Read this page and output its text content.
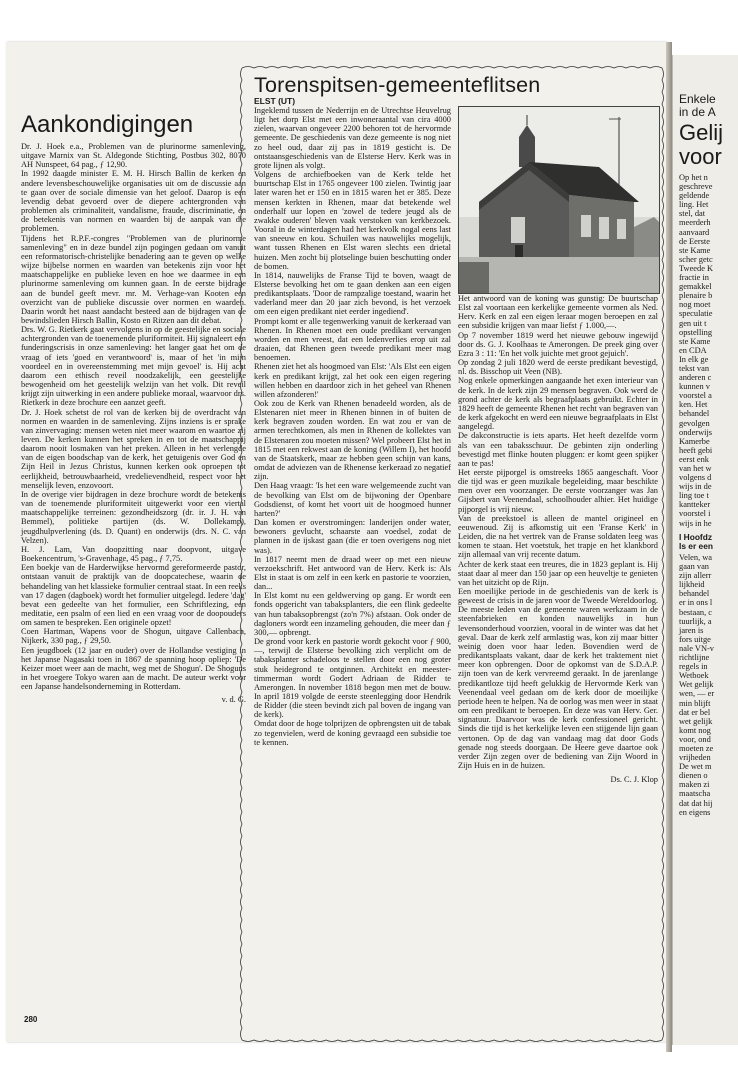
Aankondigingen

Dr. J. Hoek e.a., Problemen van de plurinorme samenleving, uitgave Marnix van St. Aldegonde Stichting, Postbus 302, 8070 AH Nunspeet, 64 pag., ƒ 12,90.

In 1992 daagde minister E. M. H. Hirsch Ballin de kerken en andere levensbeschouwelijke organisaties uit om de discussie aan te gaan over de sociale dimensie van het geloof. Daarop is een levendig debat gevoerd over de diepere achtergronden van problemen als criminaliteit, vandalisme, fraude, discriminatie, en de betekenis van normen en waarden bij de aanpak van die problemen.

Tijdens het R.P.F.-congres "Problemen van de plurinorme samenleving" en in deze bundel zijn pogingen gedaan om vanuit een reformatorisch-christelijke benadering aan te geven op welke wijze bijbelse normen en waarden van betekenis zijn voor het maatschappelijke en publieke leven en hoe we daarmee in een plurinorme samenleving om kunnen gaan. In de eerste bijdrage aan de bundel geeft mevr. mr. M. Verhage-van Kooten een overzicht van de publieke discussie over normen en waarden. Daarin wordt het naast aandacht besteed aan de bijdragen van de bewindslieden Hirsch Ballin, Kosto en Ritzen aan dit debat.

Drs. W. G. Rietkerk gaat vervolgens in op de geestelijke en sociale achtergronden van de toenemende pluriformiteit. Hij signaleert een funderingscrisis in onze samenleving: het langer gaat het om de vraag of iets 'goed en verantwoord' is, maar of het 'in mijn voordeel en in overeenstemming met mijn gevoel' is. Hij acht daarom een ethisch reveil noodzakelijk, een geestelijke bewogenheid om het geestelijk welzijn van het volk. Dit reveil krijgt zijn uitwerking in een andere publieke moraal, waarvoor drs. Rietkerk in deze brochure een aanzet geeft.

Dr. J. Hoek schetst de rol van de kerken bij de overdracht van normen en waarden in de samenleving. Zijns inziens is er sprake van zinvervaging: mensen weten niet meer waarom en waartoe zij leven. De kerken kunnen het spreken in en tot de maatschappij daarom nooit losmaken van het preken. Alleen in het verlengde van de eigen boodschap van de kerk, het getuigenis over God en Zijn Heil in Jezus Christus, kunnen kerken ook oproepen tot eerlijkheid, betrouwbaarheid, vredelievendheid, respect voor het menselijk leven, enzovoort.

In de overige vier bijdragen in deze brochure wordt de betekenis van de toenemende pluriformiteit uitgewerkt voor een viertal maatschappelijke terreinen: gezondheidszorg (dr. ir. J. H. van Bemmel), politieke partijen (ds. W. Dollekamp), jeugdhulpverlening (ds. D. Quant) en onderwijs (drs. N. C. van Velzen).

H. J. Lam, Van doopzitting naar doopvont, uitgave Boekencentrum, 's-Gravenhage, 45 pag., ƒ 7,75.

Een boekje van de Harderwijkse hervormd gereformeerde pastor, ontstaan vanuit de praktijk van de doopcatechese, waarin de behandeling van het klassieke formulier centraal staat. In een reeks van 17 dagen (dagboek) wordt het formulier uitgelegd. Iedere 'dag' bevat een gedeelte van het formulier, een Schriftlezing, een meditatie, een psalm of een lied en een vraag voor de doopouders om samen te bespreken. Een originele opzet!

Coen Hartman, Wapens voor de Shogun, uitgave Callenbach, Nijkerk, 330 pag., ƒ 29,50.

Een jeugdboek (12 jaar en ouder) over de Hollandse vestiging in het Japanse Nagasaki toen in 1867 de spanning hoop opliep: 'De Keizer moet weer aan de macht, weg met de Shogun'. De Shoguns in het vroegere Tokyo waren aan de macht. De auteur werkt voor een Japanse handelsonderneming in Rotterdam.

v. d. G.

Torenspitsen-gemeenteflitsen
ELST (UT)

Ingeklemd tussen de Nederrijn en de Utrechtse Heuvelrug ligt het dorp Elst met een inwoneraantal van cira 4000 zielen, waarvan ongeveer 2200 behoren tot de hervormde gemeente. De geschiedenis van deze gemeente is nog niet zo heel oud, daar zij pas in 1819 gesticht is. De ontstaansgeschiedenis van de Elsterse Herv. Kerk was in grote lijnen als volgt.

Volgens de archiefboeken van de Kerk telde het buurtschap Elst in 1765 ongeveer 100 zielen. Twintig jaar later waren het er 150 en in 1815 waren het er 385. Deze mensen kerkten in Rhenen, maar dat betekende wel onderhalf uur lopen en 'zowel de tedere jeugd als de zwakke ouderen' bleven vaak verstoken van kerkbezoek. Vooral in de winterdagen had het kerkvolk nogal eens last van sneeuw en kou. Schuilen was nauwelijks mogelijk, want tussen Rhenen en Elst waren slechts een drietal huizen. Men zocht bij plotselinge buien beschutting onder de bomen.

In 1814, nauwelijks de Franse Tijd te boven, waagt de Elsterse bevolking het om te gaan denken aan een eigen predikantsplaats. 'Door de rampzalige toestand, waarin het vaderland meer dan 20 jaar zich bevond, is het verzoek om een eigen predikant niet eerder ingediend'.

Prompt komt er alle tegenwerking vanuit de kerkeraad van Rhenen. In Rhenen moet een oude predikant vervangen worden en men vreest, dat een ledenverlies erop uit zal draaien, dat Rhenen geen tweede predikant meer mag benoemen.

Rhenen ziet het als hoogmoed van Elst: 'Als Elst een eigen kerk en predikant krijgt, zal het ook een eigen regering willen hebben en daardoor zich in het geheel van Rhenen willen afzonderen!'

Ook zou de Kerk van Rhenen benadeeld worden, als de Elstenaren niet meer in Rhenen binnen in of buiten de kerk begraven zouden worden. En wat zou er van de armen terechtkomen, als men in Rhenen de kollektes van de Elstenaren zou moeten missen? Wel probeert Elst het in 1815 met een rekwest aan de koning (Willem I), het hoofd van de Staatskerk, maar ze hebben geen schijn van kans, omdat de adviezen van de Rhenense kerkeraad zo negatief zijn.

Den Haag vraagt: 'Is het een ware welgemeende zucht van de bevolking van Elst om de bijwoning der Openbare Godsdienst, of komt het voort uit de hoogmoed hunner harten?'

Dan komen er overstromingen: landerijen onder water, bewoners gevlucht, schaarste aan voedsel, zodat de plannen in de ijskast gaan (die er toen overigens nog niet was).

In 1817 neemt men de draad weer op met een nieuw verzoekschrift. Het antwoord van de Herv. Kerk is: Als Elst in staat is om zelf in een kerk en pastorie te voorzien, dan...

In Elst komt nu een geldwerving op gang. Er wordt een fonds opgericht van tabaksplanters, die een flink gedeelte van hun tabaksopbrengst (zo'n 7%) afstaan. Ook onder de dagloners wordt een inzameling gehouden, die meer dan ƒ 300,— opbrengt.

De grond voor kerk en pastorie wordt gekocht voor ƒ 900,—, terwijl de Elsterse bevolking zich verplicht om de tabaksplanter schadeloos te stellen door een nog groter stuk heidegrond te ontginnen. Architekt en meester-timmerman wordt Godert Adriaan de Ridder te Amerongen. In november 1818 begon men met de bouw. In april 1819 volgde de eerste steenlegging door Hendrik de Ridder (die steen bevindt zich pal boven de ingang van de kerk).

Omdat door de hoge tolprijzen de opbrengsten uit de tabak zo tegenvielen, werd de koning gevraagd een subsidie toe te kennen.

Het antwoord van de koning was gunstig: De buurtschap Elst zal voortaan een kerkelijke gemeente vormen als Ned. Herv. Kerk en zal een eigen leraar mogen beroepen en zal een subsidie krijgen van maar liefst ƒ 1.000,—.

Op 7 november 1819 werd het nieuwe gebouw ingewijd door ds. G. J. Koolhaas te Amerongen. De preek ging over Ezra 3 : 11: 'En het volk juichte met groot gejuich'.

Op zondag 2 juli 1820 werd de eerste predikant bevestigd, nl. ds. Bisschop uit Veen (NB).

Nog enkele opmerkingen aangaande het exen interieur van de kerk. In de kerk zijn 29 mensen begraven. Ook werd de grond achter de kerk als begraafplaats gebruikt. Echter in 1829 heeft de gemeente Rhenen het recht van begraven van de kerk afgekocht en werd een nieuwe begraafplaats in Elst aangelegd.

De dakconstructie is iets aparts. Het heeft dezelfde vorm als van een tabaksschuur. De gebinten zijn onderling bevestigd met flinke houten pluggen: er komt geen spijker aan te pas!

Het eerste pijporgel is omstreeks 1865 aangeschaft. Voor die tijd was er geen muzikale begeleiding, maar beschikte men over een voorzanger. De eerste voorzanger was Jan Gijsbert van Veenendaal, schoolhouder alhier. Het huidige pijporgel is vrij nieuw.

Van de preekstoel is alleen de mantel origineel en eeuwenoud. Zij is afkomstig uit een 'Franse Kerk' in Leiden, die na het vertrek van de Franse soldaten leeg was komen te staan. Het voetstuk, het trapje en het klankbord zijn allemaal van vrij recente datum.

Achter de kerk staat een treures, die in 1823 geplant is. Hij staat daar al meer dan 150 jaar op een heuveltje te genieten van het uitzicht op de Rijn.

Een moeilijke periode in de geschiedenis van de kerk is geweest de crisis in de jaren voor de Tweede Wereldoorlog. De meeste leden van de gemeente waren werkzaam in de steenfabrieken en konden nauwelijks in hun levensonderhoud voorzien, vooral in de winter was dat het geval. Daar de kerk zelf armlastig was, kon zij maar bitter weinig doen voor haar leden. Bovendien werd de predikantsplaats vakant, daar de kerk het traktement niet meer kon opbrengen. Door de opkomst van de S.D.A.P. zijn toen van de kerk vervreemd geraakt. In de jarenlange predikantloze tijd heeft gelukkig de Hervormde Kerk van Veenendaal veel gedaan om de kerk door de moeilijke periode heen te helpen. Na de oorlog was men weer in staat om een predikant te beroepen. En deze was van Herv. Ger. signatuur. Daarvoor was de kerk confessioneel gericht. Sinds die tijd is het kerkelijke leven een stijgende lijn gaan vertonen. Op de dag van vandaag mag dat door Gods genade nog steeds doorgaan. De Heere geve daartoe ook verder Zijn zegen over de bediening van Zijn Woord in Zijn Huis en in de huizen.

Ds. C. J. Klop

280
Enkele
in de A
Gelij
voor
Op het n
geschreve
geldende
ling. Het
stel, dat
meerderh
aanvaard
de Eerste
ste Kame
scher getc
Tweede K
fractie in
gemakkel
plenaire b
nog moet
speculatie
gen uit t
opstelling
ste Kame
en CDA
In elk ge
tekst van
anderen c
kunnen v
voorstel a
ken. Het
behandel
gevolgen
onderwijs
Kamerbe
heeft gebi
eerst enk
van het w
volgens d
wijs in de
ling toe t
kantteker
voorstel i
wijs in he
I Hoofdz
Is er een
Velen, wa
gaan van
zijn allerr
lijkheid
behandel
er in ons l
bestaan, c
tuurlijk, a
jaren is
fors uitge
nale VN-v
richtlijne
regels in
Wetboek
Wet gelijk
wen, — er
min blijft
dat er bel
wet gelijk
komt nog
voor, ond
moeten ze
vrijheden
De wet m
dienen o
maken zi
maatscha
dat dat hij
en eigens
